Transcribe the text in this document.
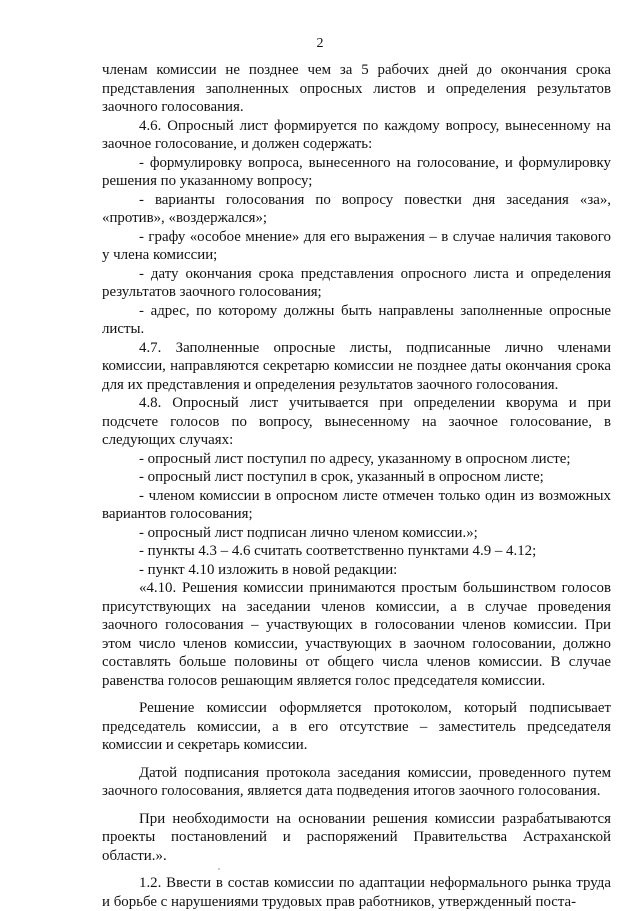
2

членам комиссии не позднее чем за 5 рабочих дней до окончания срока представления заполненных опросных листов и определения результатов заочного голосования.

4.6. Опросный лист формируется по каждому вопросу, вынесенному на заочное голосование, и должен содержать:

- формулировку вопроса, вынесенного на голосование, и формулировку решения по указанному вопросу;

- варианты голосования по вопросу повестки дня заседания «за», «против», «воздержался»;

- графу «особое мнение» для его выражения – в случае наличия такового у члена комиссии;

- дату окончания срока представления опросного листа и определения результатов заочного голосования;

- адрес, по которому должны быть направлены заполненные опросные листы.

4.7. Заполненные опросные листы, подписанные лично членами комиссии, направляются секретарю комиссии не позднее даты окончания срока для их представления и определения результатов заочного голосования.

4.8. Опросный лист учитывается при определении кворума и при подсчете голосов по вопросу, вынесенному на заочное голосование, в следующих случаях:

- опросный лист поступил по адресу, указанному в опросном листе;

- опросный лист поступил в срок, указанный в опросном листе;

- членом комиссии в опросном листе отмечен только один из возможных вариантов голосования;

- опросный лист подписан лично членом комиссии.»;

- пункты 4.3 – 4.6 считать соответственно пунктами 4.9 – 4.12;

- пункт 4.10 изложить в новой редакции:

«4.10. Решения комиссии принимаются простым большинством голосов присутствующих на заседании членов комиссии, а в случае проведения заочного голосования – участвующих в голосовании членов комиссии. При этом число членов комиссии, участвующих в заочном голосовании, должно составлять больше половины от общего числа членов комиссии. В случае равенства голосов решающим является голос председателя комиссии.

Решение комиссии оформляется протоколом, который подписывает председатель комиссии, а в его отсутствие – заместитель председателя комиссии и секретарь комиссии.

Датой подписания протокола заседания комиссии, проведенного путем заочного голосования, является дата подведения итогов заочного голосования.

При необходимости на основании решения комиссии разрабатываются проекты постановлений и распоряжений Правительства Астраханской области.».

1.2. Ввести в состав комиссии по адаптации неформального рынка труда и борьбе с нарушениями трудовых прав работников, утвержденный поста-
